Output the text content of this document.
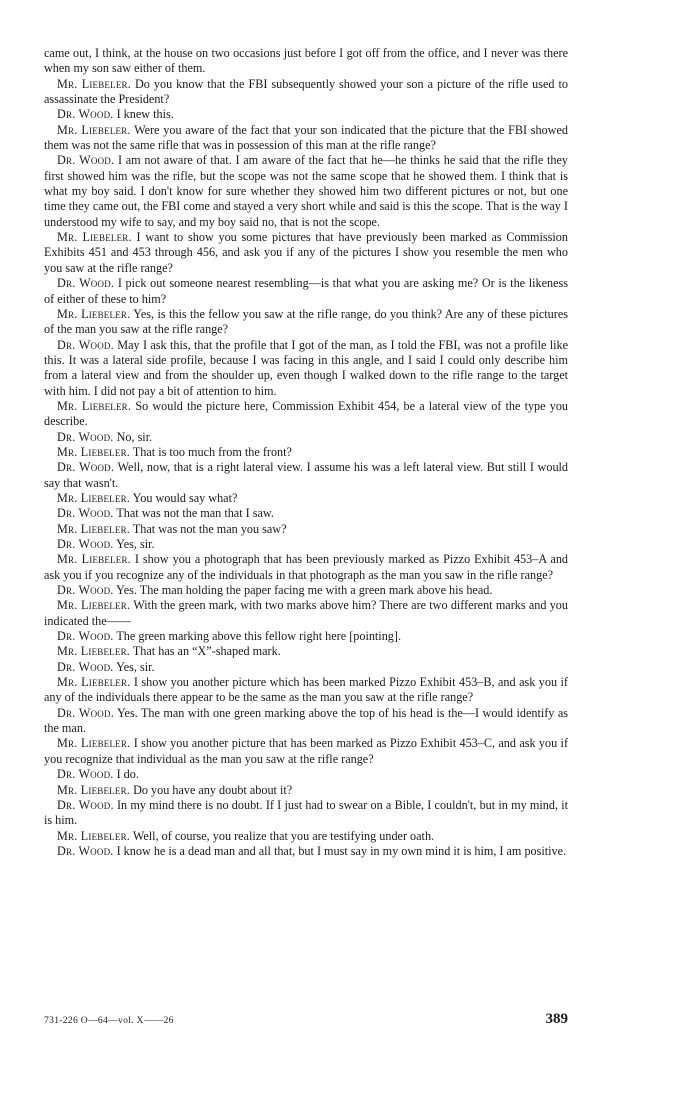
came out, I think, at the house on two occasions just before I got off from the office, and I never was there when my son saw either of them.

Mr. Liebeler. Do you know that the FBI subsequently showed your son a picture of the rifle used to assassinate the President?

Dr. Wood. I knew this.

Mr. Liebeler. Were you aware of the fact that your son indicated that the picture that the FBI showed them was not the same rifle that was in possession of this man at the rifle range?

Dr. Wood. I am not aware of that. I am aware of the fact that he—he thinks he said that the rifle they first showed him was the rifle, but the scope was not the same scope that he showed them. I think that is what my boy said. I don't know for sure whether they showed him two different pictures or not, but one time they came out, the FBI come and stayed a very short while and said is this the scope. That is the way I understood my wife to say, and my boy said no, that is not the scope.

Mr. Liebeler. I want to show you some pictures that have previously been marked as Commission Exhibits 451 and 453 through 456, and ask you if any of the pictures I show you resemble the men who you saw at the rifle range?

Dr. Wood. I pick out someone nearest resembling—is that what you are asking me? Or is the likeness of either of these to him?

Mr. Liebeler. Yes, is this the fellow you saw at the rifle range, do you think? Are any of these pictures of the man you saw at the rifle range?

Dr. Wood. May I ask this, that the profile that I got of the man, as I told the FBI, was not a profile like this. It was a lateral side profile, because I was facing in this angle, and I said I could only describe him from a lateral view and from the shoulder up, even though I walked down to the rifle range to the target with him. I did not pay a bit of attention to him.

Mr. Liebeler. So would the picture here, Commission Exhibit 454, be a lateral view of the type you describe.

Dr. Wood. No, sir.

Mr. Liebeler. That is too much from the front?

Dr. Wood. Well, now, that is a right lateral view. I assume his was a left lateral view. But still I would say that wasn't.

Mr. Liebeler. You would say what?

Dr. Wood. That was not the man that I saw.

Mr. Liebeler. That was not the man you saw?

Dr. Wood. Yes, sir.

Mr. Liebeler. I show you a photograph that has been previously marked as Pizzo Exhibit 453–A and ask you if you recognize any of the individuals in that photograph as the man you saw in the rifle range?

Dr. Wood. Yes. The man holding the paper facing me with a green mark above his head.

Mr. Liebeler. With the green mark, with two marks above him? There are two different marks and you indicated the——

Dr. Wood. The green marking above this fellow right here [pointing].

Mr. Liebeler. That has an “X”-shaped mark.

Dr. Wood. Yes, sir.

Mr. Liebeler. I show you another picture which has been marked Pizzo Exhibit 453–B, and ask you if any of the individuals there appear to be the same as the man you saw at the rifle range?

Dr. Wood. Yes. The man with one green marking above the top of his head is the—I would identify as the man.

Mr. Liebeler. I show you another picture that has been marked as Pizzo Exhibit 453–C, and ask you if you recognize that individual as the man you saw at the rifle range?

Dr. Wood. I do.

Mr. Liebeler. Do you have any doubt about it?

Dr. Wood. In my mind there is no doubt. If I just had to swear on a Bible, I couldn't, but in my mind, it is him.

Mr. Liebeler. Well, of course, you realize that you are testifying under oath.

Dr. Wood. I know he is a dead man and all that, but I must say in my own mind it is him, I am positive.

731-226 O—64—vol. X——26	389
